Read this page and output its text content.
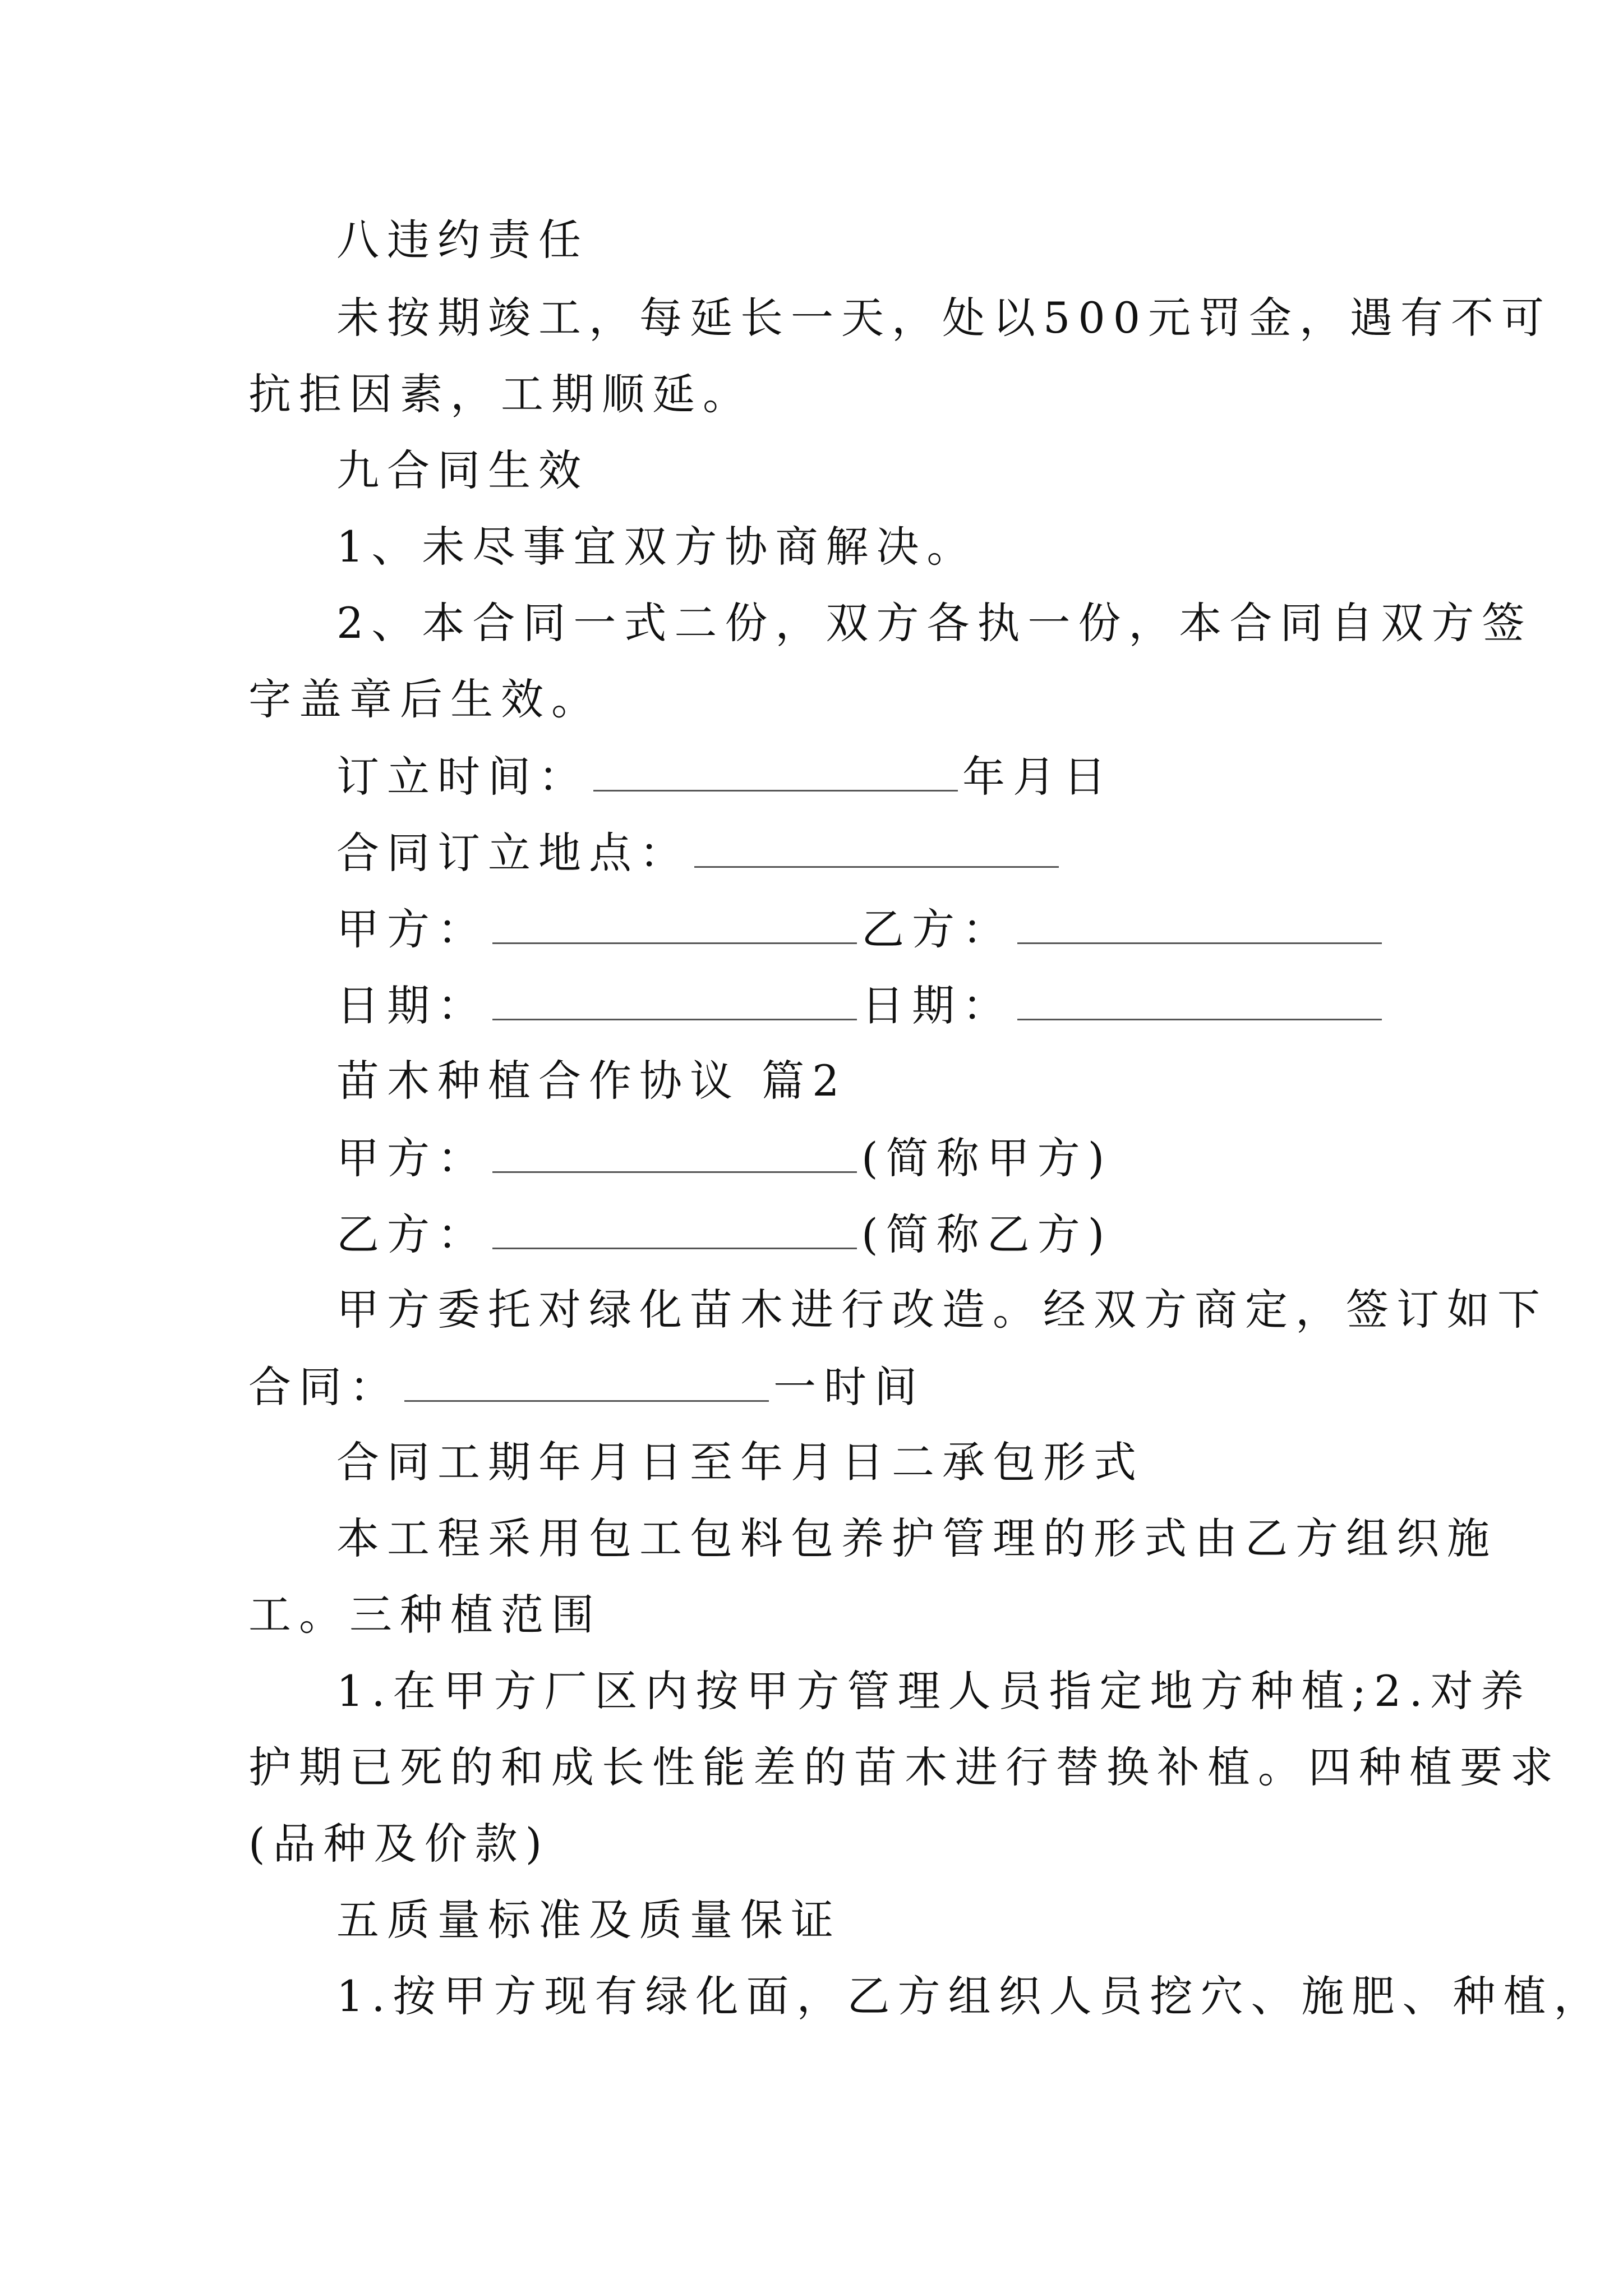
八违约责任
未按期竣工，每延长一天，处以500元罚金，遇有不可
抗拒因素，工期顺延。
九合同生效
1、未尽事宜双方协商解决。
2、本合同一式二份，双方各执一份，本合同自双方签
字盖章后生效。
订立时间：	年月日
合同订立地点：
甲方：	乙方：
日期：	日期：
苗木种植合作协议 篇2
甲方：	(简称甲方)
乙方：	(简称乙方)
甲方委托对绿化苗木进行改造。经双方商定，签订如下
合同：	一时间
合同工期年月日至年月日二承包形式
本工程采用包工包料包养护管理的形式由乙方组织施
工。三种植范围
1.在甲方厂区内按甲方管理人员指定地方种植;2.对养
护期已死的和成长性能差的苗木进行替换补植。四种植要求
(品种及价款)
五质量标准及质量保证
1.按甲方现有绿化面，乙方组织人员挖穴、施肥、种植，
